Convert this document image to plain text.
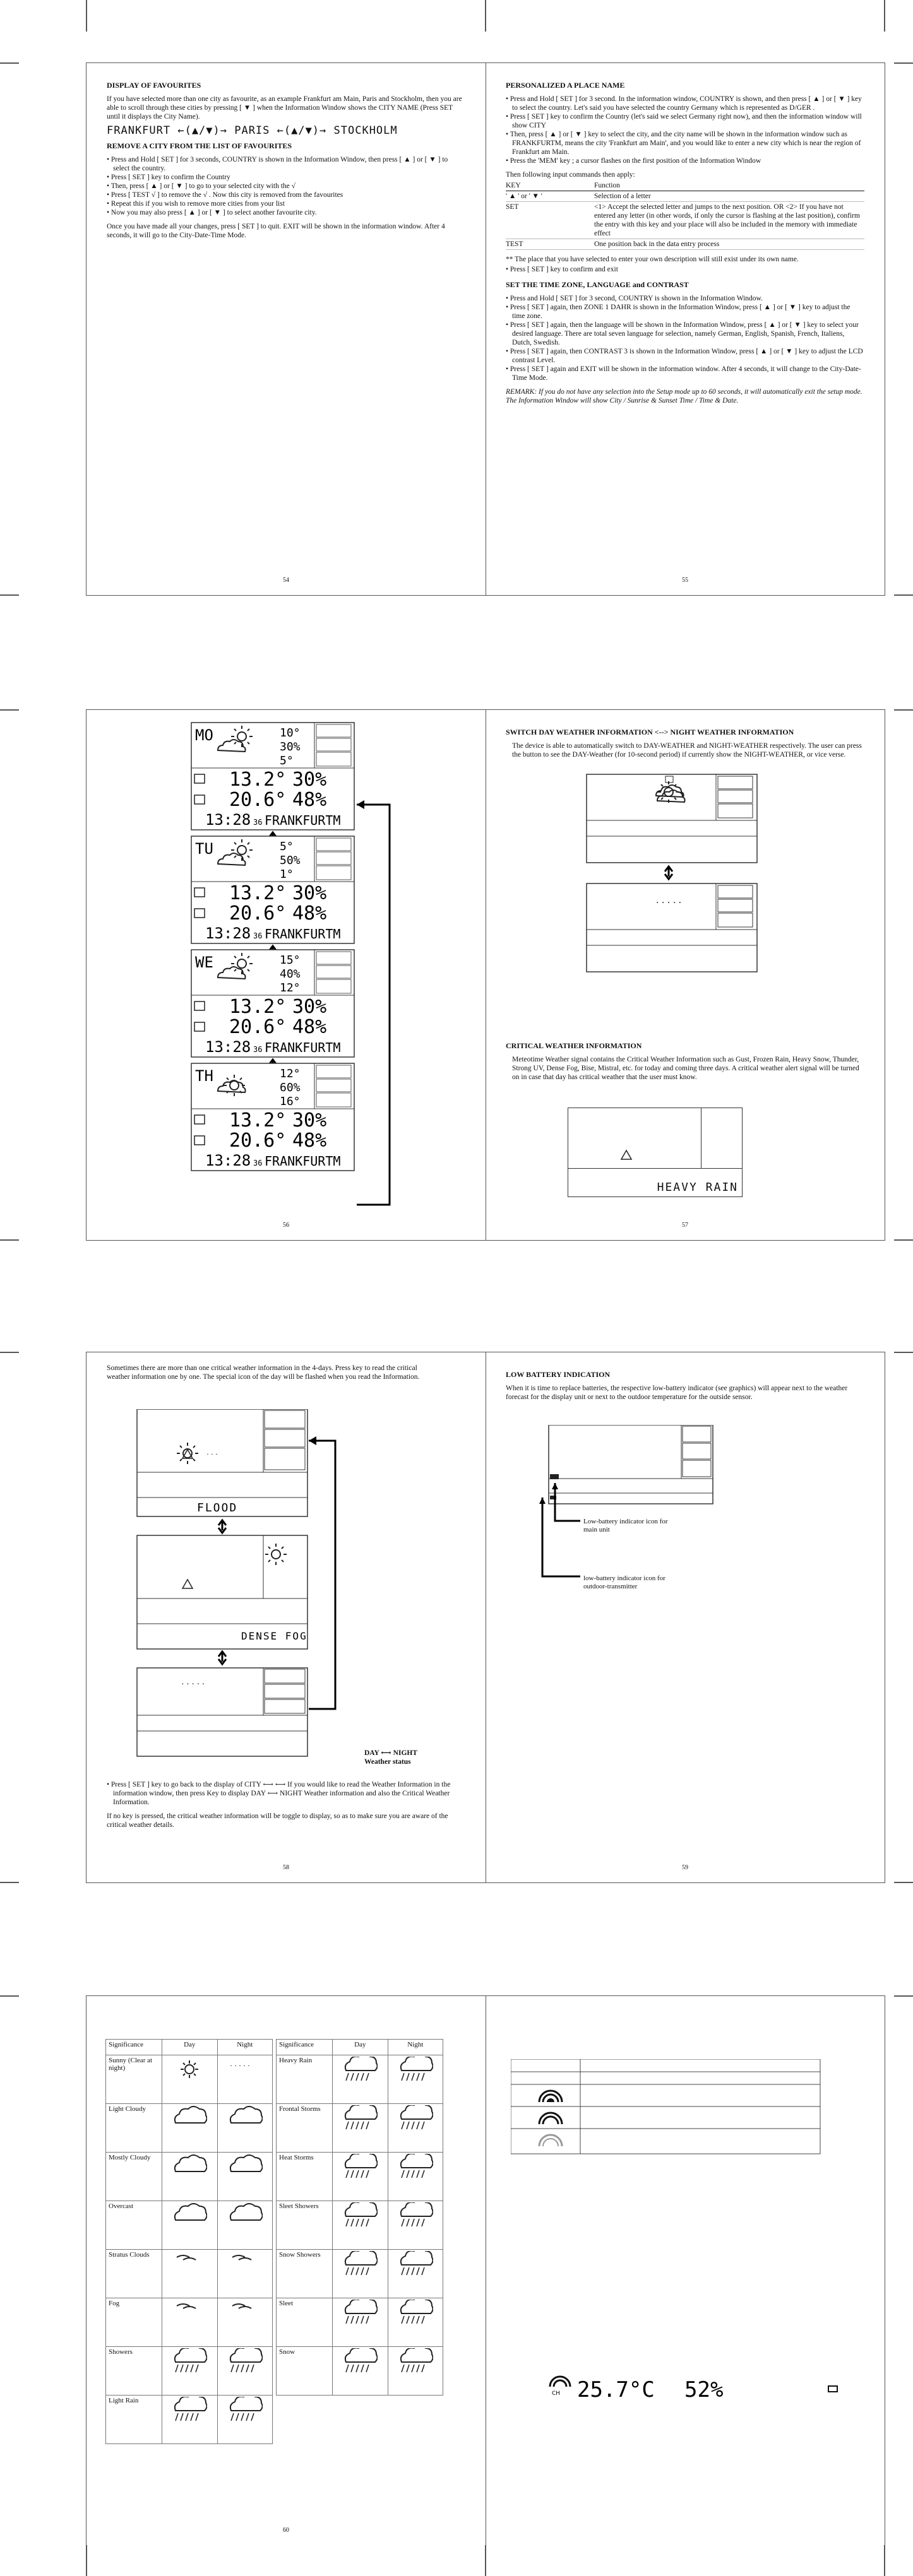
DISPLAY OF FAVOURITES

If you have selected more than one city as favourite, as an example Frankfurt am Main, Paris and Stockholm, then you are able to scroll through these cities by pressing [ ▼ ] when the Information Window shows the CITY NAME (Press SET until it displays the City Name).

FRANKFURT ←(▲/▼)→ PARIS ←(▲/▼)→ STOCKHOLM

REMOVE A CITY FROM THE LIST OF FAVOURITES
• Press and Hold [ SET ] for 3 seconds, COUNTRY is shown in the Information Window, then press [ ▲ ] or [ ▼ ] to select the country.
• Press [ SET ] key to confirm the Country
• Then, press [ ▲ ] or [ ▼ ] to go to your selected city with the √
• Press [ TEST √ ] to remove the √ . Now this city is removed from the favourites
• Repeat this if you wish to remove more cities from your list
• Now you may also press [ ▲ ] or [ ▼ ] to select another favourite city.

Once you have made all your changes, press [ SET ] to quit. EXIT will be shown in the information window. After 4 seconds, it will go to the City-Date-Time Mode.

54
PERSONALIZED A PLACE NAME
• Press and Hold [ SET ] for 3 second. In the information window, COUNTRY is shown, and then press [ ▲ ] or [ ▼ ] key to select the country. Let's said you have selected the country Germany which is represented as D/GER .
• Press [ SET ] key to confirm the Country (let's said we select Germany right now), and then the information window will show CITY
• Then, press [ ▲ ] or [ ▼ ] key to select the city, and the city name will be shown in the information window such as FRANKFURTM, means the city 'Frankfurt am Main', and you would like to enter a new city which is near the region of Frankfurt am Main.
• Press the 'MEM' key ; a cursor flashes on the first position of the Information Window

Then following input commands then apply:

KEY	Function
' ▲ ' or ' ▼ '	Selection of a letter
SET	<1> Accept the selected letter and jumps to the next position. OR <2> If you have not entered any letter (in other words, if only the cursor is flashing at the last position), confirm the entry with this key and your place will also be included in the memory with immediate effect
TEST	One position back in the data entry process

** The place that you have selected to enter your own description will still exist under its own name.

• Press [ SET ] key to confirm and exit
SET THE TIME ZONE, LANGUAGE and CONTRAST
• Press and Hold [ SET ] for 3 second, COUNTRY is shown in the Information Window.
• Press [ SET ] again, then ZONE 1 DAHR is shown in the Information Window, press [ ▲ ] or [ ▼ ] key to adjust the time zone.
• Press [ SET ] again, then the language will be shown in the Information Window, press [ ▲ ] or [ ▼ ] key to select your desired language. There are total seven language for selection, namely German, English, Spanish, French, Italiens, Dutch, Swedish.
• Press [ SET ] again, then CONTRAST 3 is shown in the Information Window, press [ ▲ ] or [ ▼ ] key to adjust the LCD contrast Level.
• Press [ SET ] again and EXIT will be shown in the information window. After 4 seconds, it will change to the City-Date-Time Mode.

REMARK: If you do not have any selection into the Setup mode up to 60 seconds, it will automatically exit the setup mode. The Information Window will show City / Sunrise & Sunset Time / Time & Date.

55
MO	10°
30%
5°
13.2° 30%
20.6° 48%
13:28 36 FRANKFURTM
TU	5°
50%
1°
13.2° 30%
20.6° 48%
13:28 36 FRANKFURTM
WE	15°
40%
12°
13.2° 30%
20.6° 48%
13:28 36 FRANKFURTM
TH	12°
60%
16°
13.2° 30%
20.6° 48%
13:28 36 FRANKFURTM
56
SWITCH DAY WEATHER INFORMATION <--> NIGHT WEATHER INFORMATION

The device is able to automatically switch to DAY-WEATHER and NIGHT-WEATHER respectively. The user can press the button to see the DAY-Weather (for 10-second period) if currently show the NIGHT-WEATHER, or vice verse.

· · · · ·
CRITICAL WEATHER INFORMATION

Meteotime Weather signal contains the Critical Weather Information such as Gust, Frozen Rain, Heavy Snow, Thunder, Strong UV, Dense Fog, Bise, Mistral, etc. for today and coming three days. A critical weather alert signal will be turned on in case that day has critical weather that the user must know.

HEAVY RAIN
57

Sometimes there are more than one critical weather information in the 4-days. Press key to read the critical weather information one by one. The special icon of the day will be flashed when you read the Information.

· · ·
FLOOD
DENSE FOG
· · · · ·
DAY ⟷ NIGHT
Weather status
• Press [ SET ] key to go back to the display of CITY ⟷ ⟷ If you would like to read the Weather Information in the information window, then press Key to display DAY ⟷ NIGHT Weather information and also the Critical Weather Information.

If no key is pressed, the critical weather information will be toggle to display, so as to make sure you are aware of the critical weather details.

58
LOW BATTERY INDICATION

When it is time to replace batteries, the respective low-battery indicator (see graphics) will appear next to the weather forecast for the display unit or next to the outdoor temperature for the outside sensor.

Low-battery indicator icon for main unit
low-battery indicator icon for outdoor-transmitter
59
Significance	Day	Night
Sunny (Clear at night)		· · · · ·

Light Cloudy	

Mostly Cloudy	

Overcast	

Stratus Clouds	

Fog	

Showers	

Light Rain	

Significance	Day	Night
Heavy Rain	

Frontal Storms	

Heat Storms	

Sleet Showers	

Snow Showers	

Sleet	

Snow	

60
CH 25.7°C 52%
